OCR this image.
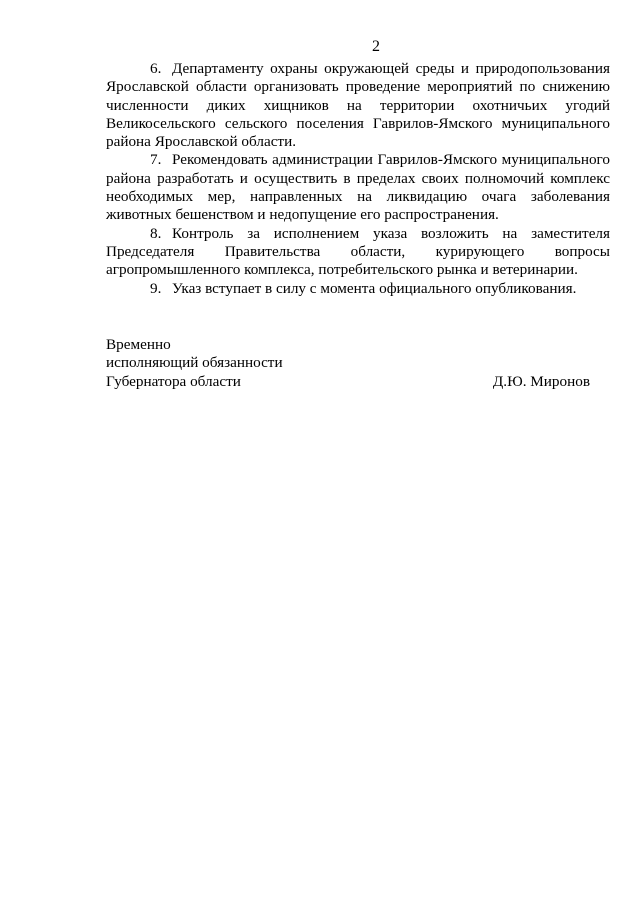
2

6. Департаменту охраны окружающей среды и природопользования Ярославской области организовать проведение мероприятий по снижению численности диких хищников на территории охотничьих угодий Великосельского сельского поселения Гаврилов-Ямского муниципального района Ярославской области.

7. Рекомендовать администрации Гаврилов-Ямского муниципального района разработать и осуществить в пределах своих полномочий комплекс необходимых мер, направленных на ликвидацию очага заболевания животных бешенством и недопущение его распространения.

8. Контроль за исполнением указа возложить на заместителя Председателя Правительства области, курирующего вопросы агропромышленного комплекса, потребительского рынка и ветеринарии.

9. Указ вступает в силу с момента официального опубликования.

Временно
исполняющий обязанности
Губернатора области	Д.Ю. Миронов
